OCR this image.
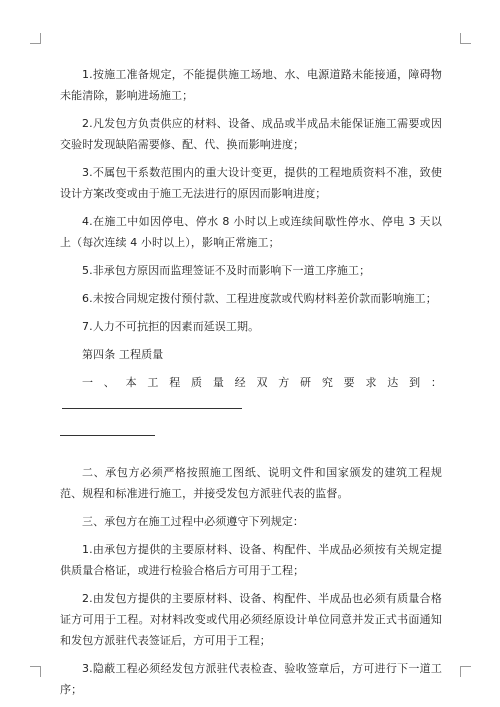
1.按施工准备规定，不能提供施工场地、水、电源道路未能接通，障碍物未能清除，影响进场施工；

2.凡发包方负责供应的材料、设备、成品或半成品未能保证施工需要或因交验时发现缺陷需要修、配、代、换而影响进度；

3.不属包干系数范围内的重大设计变更，提供的工程地质资料不准，致使设计方案改变或由于施工无法进行的原因而影响进度；

4.在施工中如因停电、停水 8 小时以上或连续间歇性停水、停电 3 天以上（每次连续 4 小时以上），影响正常施工；

5.非承包方原因而监理签证不及时而影响下一道工序施工；

6.未按合同规定拨付预付款、工程进度款或代购材料差价款而影响施工；

7.人力不可抗拒的因素而延误工期。

第四条 工程质量

一、本工程质量经双方研究要求达到：

二、承包方必须严格按照施工图纸、说明文件和国家颁发的建筑工程规范、规程和标准进行施工，并接受发包方派驻代表的监督。

三、承包方在施工过程中必须遵守下列规定：

1.由承包方提供的主要原材料、设备、构配件、半成品必须按有关规定提供质量合格证，或进行检验合格后方可用于工程；

2.由发包方提供的主要原材料、设备、构配件、半成品也必须有质量合格证方可用于工程。对材料改变或代用必须经原设计单位同意并发正式书面通知和发包方派驻代表签证后，方可用于工程；

3.隐蔽工程必须经发包方派驻代表检查、验收签章后，方可进行下一道工序；
